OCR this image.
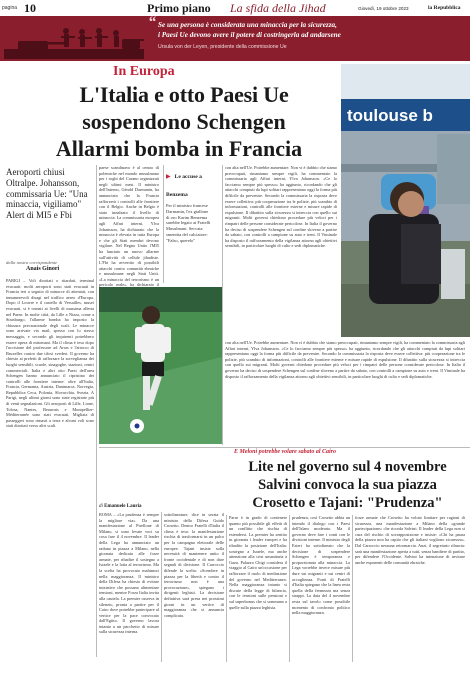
pagina 10	Primo piano La sfida della Jihad	Giovedì, 19 ottobre 2023	la Repubblica
“ Se una persona è considerata una minaccia per la sicurezza,
i Paesi Ue devono avere il potere di costringerla ad andarsene
Ursula von der Leyen, presidente della commissione Ue
In Europa
L'Italia e otto Paesi Ue
sospendono Schengen
Allarmi bomba in Francia
toulouse b
Aeroporti chiusi Oltralpe. Johansson, commissaria Ue: "Una minaccia, vigiliamo" Alert di MI5 e Fbi
dalla nostra corrispondente
Anais Ginori

PARIGI – Voli dirottati o ritardati, terminal evacuati: molti aeroporti sono stati evacuati in Francia ieri a seguito di minacce di attentati, con innumerevoli disagi nel traffico aereo d'Europa. Dopo il Louvre e il castello di Versailles, musei evacuati, si è tornati ai livelli di massima allerta nel Paese. In molte città, da Lille a Nizza, come a Strasburgo, l'allarme bomba ha imposto la chiusura precauzionale degli scali. Le minacce sono arrivate via mail, spesso con lo stesso messaggio, e secondo gli inquirenti potrebbero essere opera di mitomani. Ma il clima è teso dopo l'uccisione del professore ad Arras e l'attacco di Bruxelles contro due tifosi svedesi. Il governo ha chiesto ai prefetti di rafforzare la sorveglianza dei luoghi sensibili, scuole, sinagoghe, stazioni, centri commerciali. Italia e altri otto Paesi dell'area Schengen hanno annunciato il ripristino dei controlli alle frontiere interne: oltre all'Italia, Francia, Germania, Austria, Danimarca, Norvegia, Repubblica Ceca, Polonia, Slovacchia, Svezia. A Parigi, negli ultimi giorni sono state registrate più di venti segnalazioni. Gli aeroporti di Lille, Lione, Tolosa, Nantes, Beauvais e Montpellier-Méditerranée sono stati evacuati. Migliaia di passeggeri sono rimasti a terra e alcuni voli sono stati dirottati verso altri scali.

paese scandinavo è al centro di polemiche nel mondo musulmano per i roghi del Corano organizzati negli ultimi mesi. Il ministro dell'Interno, Gérald Darmanin, ha annunciato che la Francia rafforzerà i controlli alle frontiere con il Belgio. Anche in Belgio è stato innalzato il livello di minaccia. La commissaria europea agli Affari interni, Ylva Johansson, ha dichiarato che la minaccia è elevata in tutta Europa e che gli Stati membri devono vigilare. Nel Regno Unito l'MI5 ha lanciato un nuovo allarme sull'attività di cellule jihadiste. L'Fbi ha avvertito di possibili attacchi contro comunità ebraiche e musulmane negli Stati Uniti. «La minaccia del terrorismo è un pericolo reale», ha dichiarato il

▶ Le accuse a Benzema
Per il ministro francese Darmanin, l'ex giallone di oro Karim Benzema sarebbe legato ai Fratelli Musulmani. Seccata smentita del calciatore: "Falso, querelo"

con alta nell'Ue. Potrebbe aumentare. Non vi è dubbio che siamo preoccupati, rimaniamo sempre vigili, ha commentato la commissaria agli Affari interni, Ylva Johansson. «Ce lo facciamo sempre più spesso» ha aggiunto, ricordando che gli attacchi compiuti da lupi solitari rappresentano oggi la forma più difficile da prevenire. Secondo la commissaria la risposta deve essere collettiva: più cooperazione tra le polizie, più scambio di informazioni, controlli alle frontiere esterne e misure rapide di espulsione. Il dibattito sulla sicurezza si intreccia con quello sui migranti. Molti governi chiedono procedure più veloci per i rimpatri delle persone considerate pericolose. In Italia il governo ha deciso di sospendere Schengen sul confine sloveno a partire da sabato, con controlli a campione su auto e treni. Il Viminale ha disposto il rafforzamento della vigilanza attorno agli obiettivi sensibili, in particolare luoghi di culto e sedi diplomatiche.

con alta nell'Ue. Potrebbe aumentare. Non vi è dubbio che siamo preoccupati, rimaniamo sempre vigili, ha commentato la commissaria agli Affari interni, Ylva Johansson. «Ce lo facciamo sempre più spesso» ha aggiunto, ricordando che gli attacchi compiuti da lupi solitari rappresentano oggi la forma più difficile da prevenire. Secondo la commissaria la risposta deve essere collettiva: più cooperazione tra le polizie, più scambio di informazioni, controlli alle frontiere esterne e misure rapide di espulsione. Il dibattito sulla sicurezza si intreccia con quello sui migranti. Molti governi chiedono procedure più veloci per i rimpatri delle persone considerate pericolose. In Italia il governo ha deciso di sospendere Schengen sul confine sloveno a partire da sabato, con controlli a campione su auto e treni. Il Viminale ha disposto il rafforzamento della vigilanza attorno agli obiettivi sensibili, in particolare luoghi di culto e sedi diplomatiche.

E Meloni potrebbe volare sabato al Cairo
Lite nel governo sul 4 novembre
Salvini convoca la sua piazza
Crosetto e Tajani: "Prudenza"
di Emanuele Lauria

ROMA – «La prudenza è sempre la migliore via». Da una manifestazione al Pirellone di Milano, si sono levate voci su cosa fare il 4 novembre. Il leader della Lega ha annunciato un raduno in piazza a Milano, nella giornata dedicata alle forze armate, per ribadire il sostegno a Israele e la lotta al terrorismo. Ma la scelta ha provocato malumori nella maggioranza. Il ministro della Difesa ha chiesto di evitare iniziative che possano alimentare tensioni, mentre Forza Italia invita alla cautela. La premier osserva in silenzio, pronta a partire per il Cairo dove potrebbe partecipare al vertice per la pace convocato dall'Egitto. Il governo lavora intanto a un pacchetto di misure sulla sicurezza interna.

sottolineature, dice in serata il ministro della Difesa Guido Crosetto. Dentro Fratelli d'Italia il clima è teso: la manifestazione rischia di trasformarsi in un palco per la campagna elettorale delle europee. Tajani insiste sulla necessità di mantenere unito il fronte occidentale e di non dare segnali di divisione. Il Carroccio difende la scelta: «Scendere in piazza per la libertà e contro il terrorismo non è una provocazione», spiegano i dirigenti leghisti. La decisione definitiva sarà presa nei prossimi giorni in un vertice di maggioranza che si annuncia complicato.

Parse è in grado di contenere quanto più possibile gli effetti di un conflitto che rischia di estendersi. La premier ha sentito in giornata i leader europei e ha ribadito la posizione dell'Italia: sostegno a Israele, ma anche attenzione alla crisi umanitaria a Gaza. Palazzo Chigi considera il viaggio al Cairo un'occasione per rafforzare il ruolo di mediazione del governo nel Mediterraneo. Nella maggioranza intanto si discute della legge di bilancio, con le tensioni sulle pensioni e sul superbonus che si sommano a quelle sulla piazza leghista.

prudenza, così Crosetto abbia un intendo il dialogo con i Paesi dell'Islam moderato. Ma il governo deve fare i conti con le divisioni interne. Il ministro degli Esteri ha sottolineato che la decisione di sospendere Schengen è temporanea e proporzionata alla minaccia. La Lega vorrebbe invece misure più dure sui migranti e sui centri di accoglienza. Fonti di Fratelli d'Italia spiegano che la linea resta quella della fermezza ma senza strappi. La data del 4 novembre resta sul tavolo come possibile momento di confronto politico nella maggioranza.

forze armate che Crosetto ha voluto limitare per ragioni di sicurezza, una manifestazione a Milano della «grande partecipazione» che ricorda Salvini. Il leader della Lega non si cura del rischio di sovrapposizione e insiste: «Chi ha paura della piazza non ha capito che gli italiani vogliono sicurezza». Dal Carroccio nessuna retromarcia. Anzi, il segretario rilancia: sarà una manifestazione aperta a tutti, senza bandiere di partito, per difendere l'Occidente. Salvini ha intenzione di invitare anche esponenti delle comunità ebraiche.
